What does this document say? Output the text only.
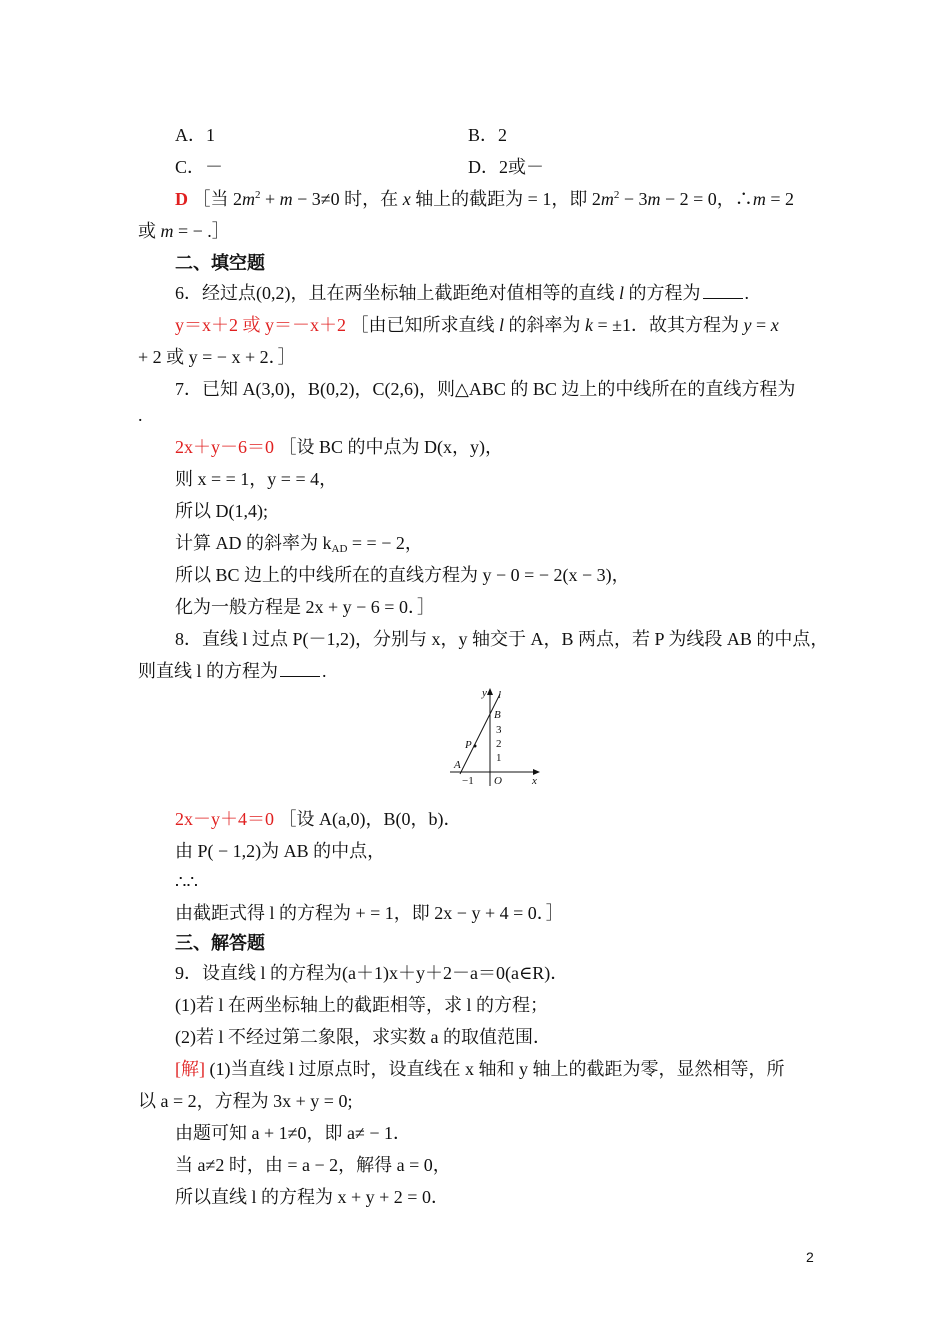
A．1	B．2
C．－	D．2或－
D ［当 $2m^2 + m - 3\ne 0$ 时，在 x 轴上的截距为 = 1，即 $2m^2 - 3m - 2 = 0$，∴m = 2
或 m = − .］
二、填空题
6．经过点(0,2)，且在两坐标轴上截距绝对值相等的直线 l 的方程为 .
y＝x＋2 或 y＝－x＋2 ［由已知所求直线 l 的斜率为 k = ±1．故其方程为 y = x
+ 2 或 y = − x + 2．］
7．已知 A(3,0)，B(0,2)，C(2,6)，则△ABC 的 BC 边上的中线所在的直线方程为
.
2x＋y－6＝0 ［设 BC 的中点为 D(x，y)，
则 x = = 1，y = = 4，
所以 D(1,4);
计算 AD 的斜率为 $k_{AD}$ = = − 2，
所以 BC 边上的中线所在的直线方程为 y − 0 = − 2(x − 3)，
化为一般方程是 2x + y − 6 = 0．］
8．直线 l 过点 P(－1,2)，分别与 x，y 轴交于 A，B 两点，若 P 为线段 AB 的中点，
则直线 l 的方程为 .
y l
B
3
2
1
P
A
−1 O	x
2x－y＋4＝0 ［设 A(a,0)，B(0，b)．
由 P( − 1,2)为 AB 的中点，
∴∴
由截距式得 l 的方程为 + = 1，即 2x − y + 4 = 0．］
三、解答题
9．设直线 l 的方程为(a＋1)x＋y＋2－a＝0(a∈R)．
(1)若 l 在两坐标轴上的截距相等，求 l 的方程；
(2)若 l 不经过第二象限，求实数 a 的取值范围．
[解] (1)当直线 l 过原点时，设直线在 x 轴和 y 轴上的截距为零，显然相等，所
以 a = 2，方程为 3x + y = 0;
由题可知 a + 1≠0，即 a≠ − 1．
当 a≠2 时，由 = a − 2，解得 a = 0，
所以直线 l 的方程为 x + y + 2 = 0．
2
